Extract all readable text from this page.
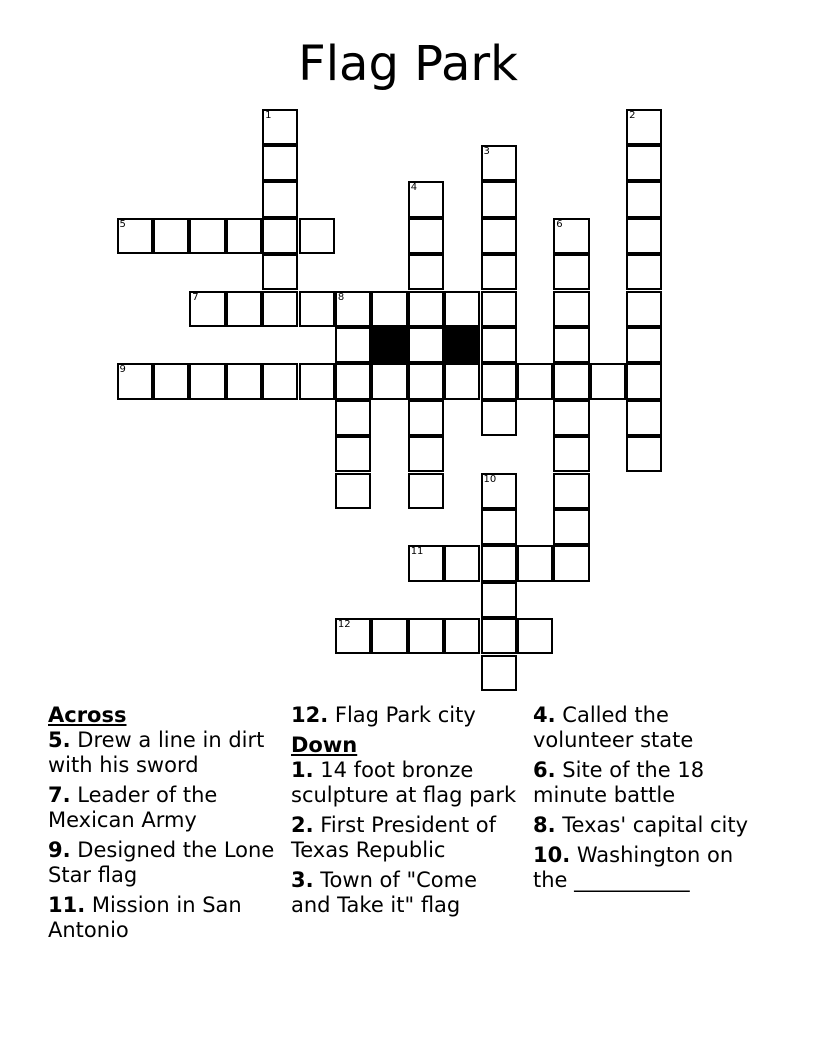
Flag Park
1	2
3
4
5	6
7	8
9
10
11
12
Across
5. Drew a line in dirt with his sword
7. Leader of the Mexican Army
9. Designed the Lone Star flag
11. Mission in San Antonio
12. Flag Park city
Down
1. 14 foot bronze sculpture at flag park
2. First President of Texas Republic
3. Town of "Come and Take it" flag
4. Called the volunteer state
6. Site of the 18 minute battle
8. Texas' capital city
10. Washington on the ___________
